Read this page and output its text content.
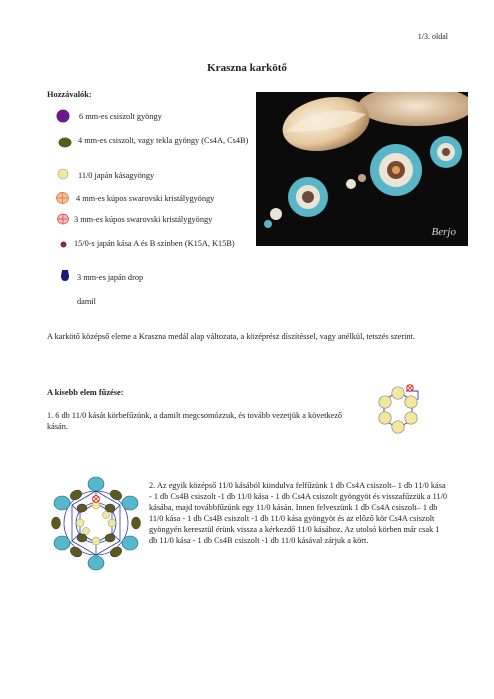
1/3. oldal
Kraszna karkötő
Hozzávalók:
6 mm-es csiszolt gyöngy
4 mm-es csiszolt, vagy tekla gyöngy (Cs4A, Cs4B)
11/0 japán kásagyöngy
4 mm-es kúpos swarovski kristálygyöngy
3 mm-es kúpos swarovski kristálygyöngy
15/0-s japán kása A és B színben (K15A, K15B)
3 mm-es japán drop
damil
Berjo
A karkötő középső eleme a Kraszna medál alap változata, a középrész díszítéssel, vagy anélkül, tetszés szerint.
A kisebb elem fűzése:
1. 6 db 11/0 kását körbefűzünk, a damilt megcsomózzuk, és tovább vezetjük a következő kásán.
2. Az egyik középső 11/0 kásából kiindulva felfűzünk 1 db Cs4A csiszolt– 1 db 11/0 kása - 1 db Cs4B csiszolt -1 db 11/0 kása - 1 db Cs4A csiszolt gyöngyöt és visszafűzzük a 11/0 kásába, majd továbbfűzünk egy 11/0 kásán. Innen felveszünk 1 db Cs4A csiszolt– 1 db 11/0 kása - 1 db Cs4B csiszolt -1 db 11/0 kása gyöngyöt és az előző kör Cs4A csiszolt gyöngyén keresztül érünk vissza a kérkezdő 11/0 kásához. Az utolsó körben már csak 1 db 11/0 kása - 1 db Cs4B csiszolt -1 db 11/0 kásával zárjuk a kört.
